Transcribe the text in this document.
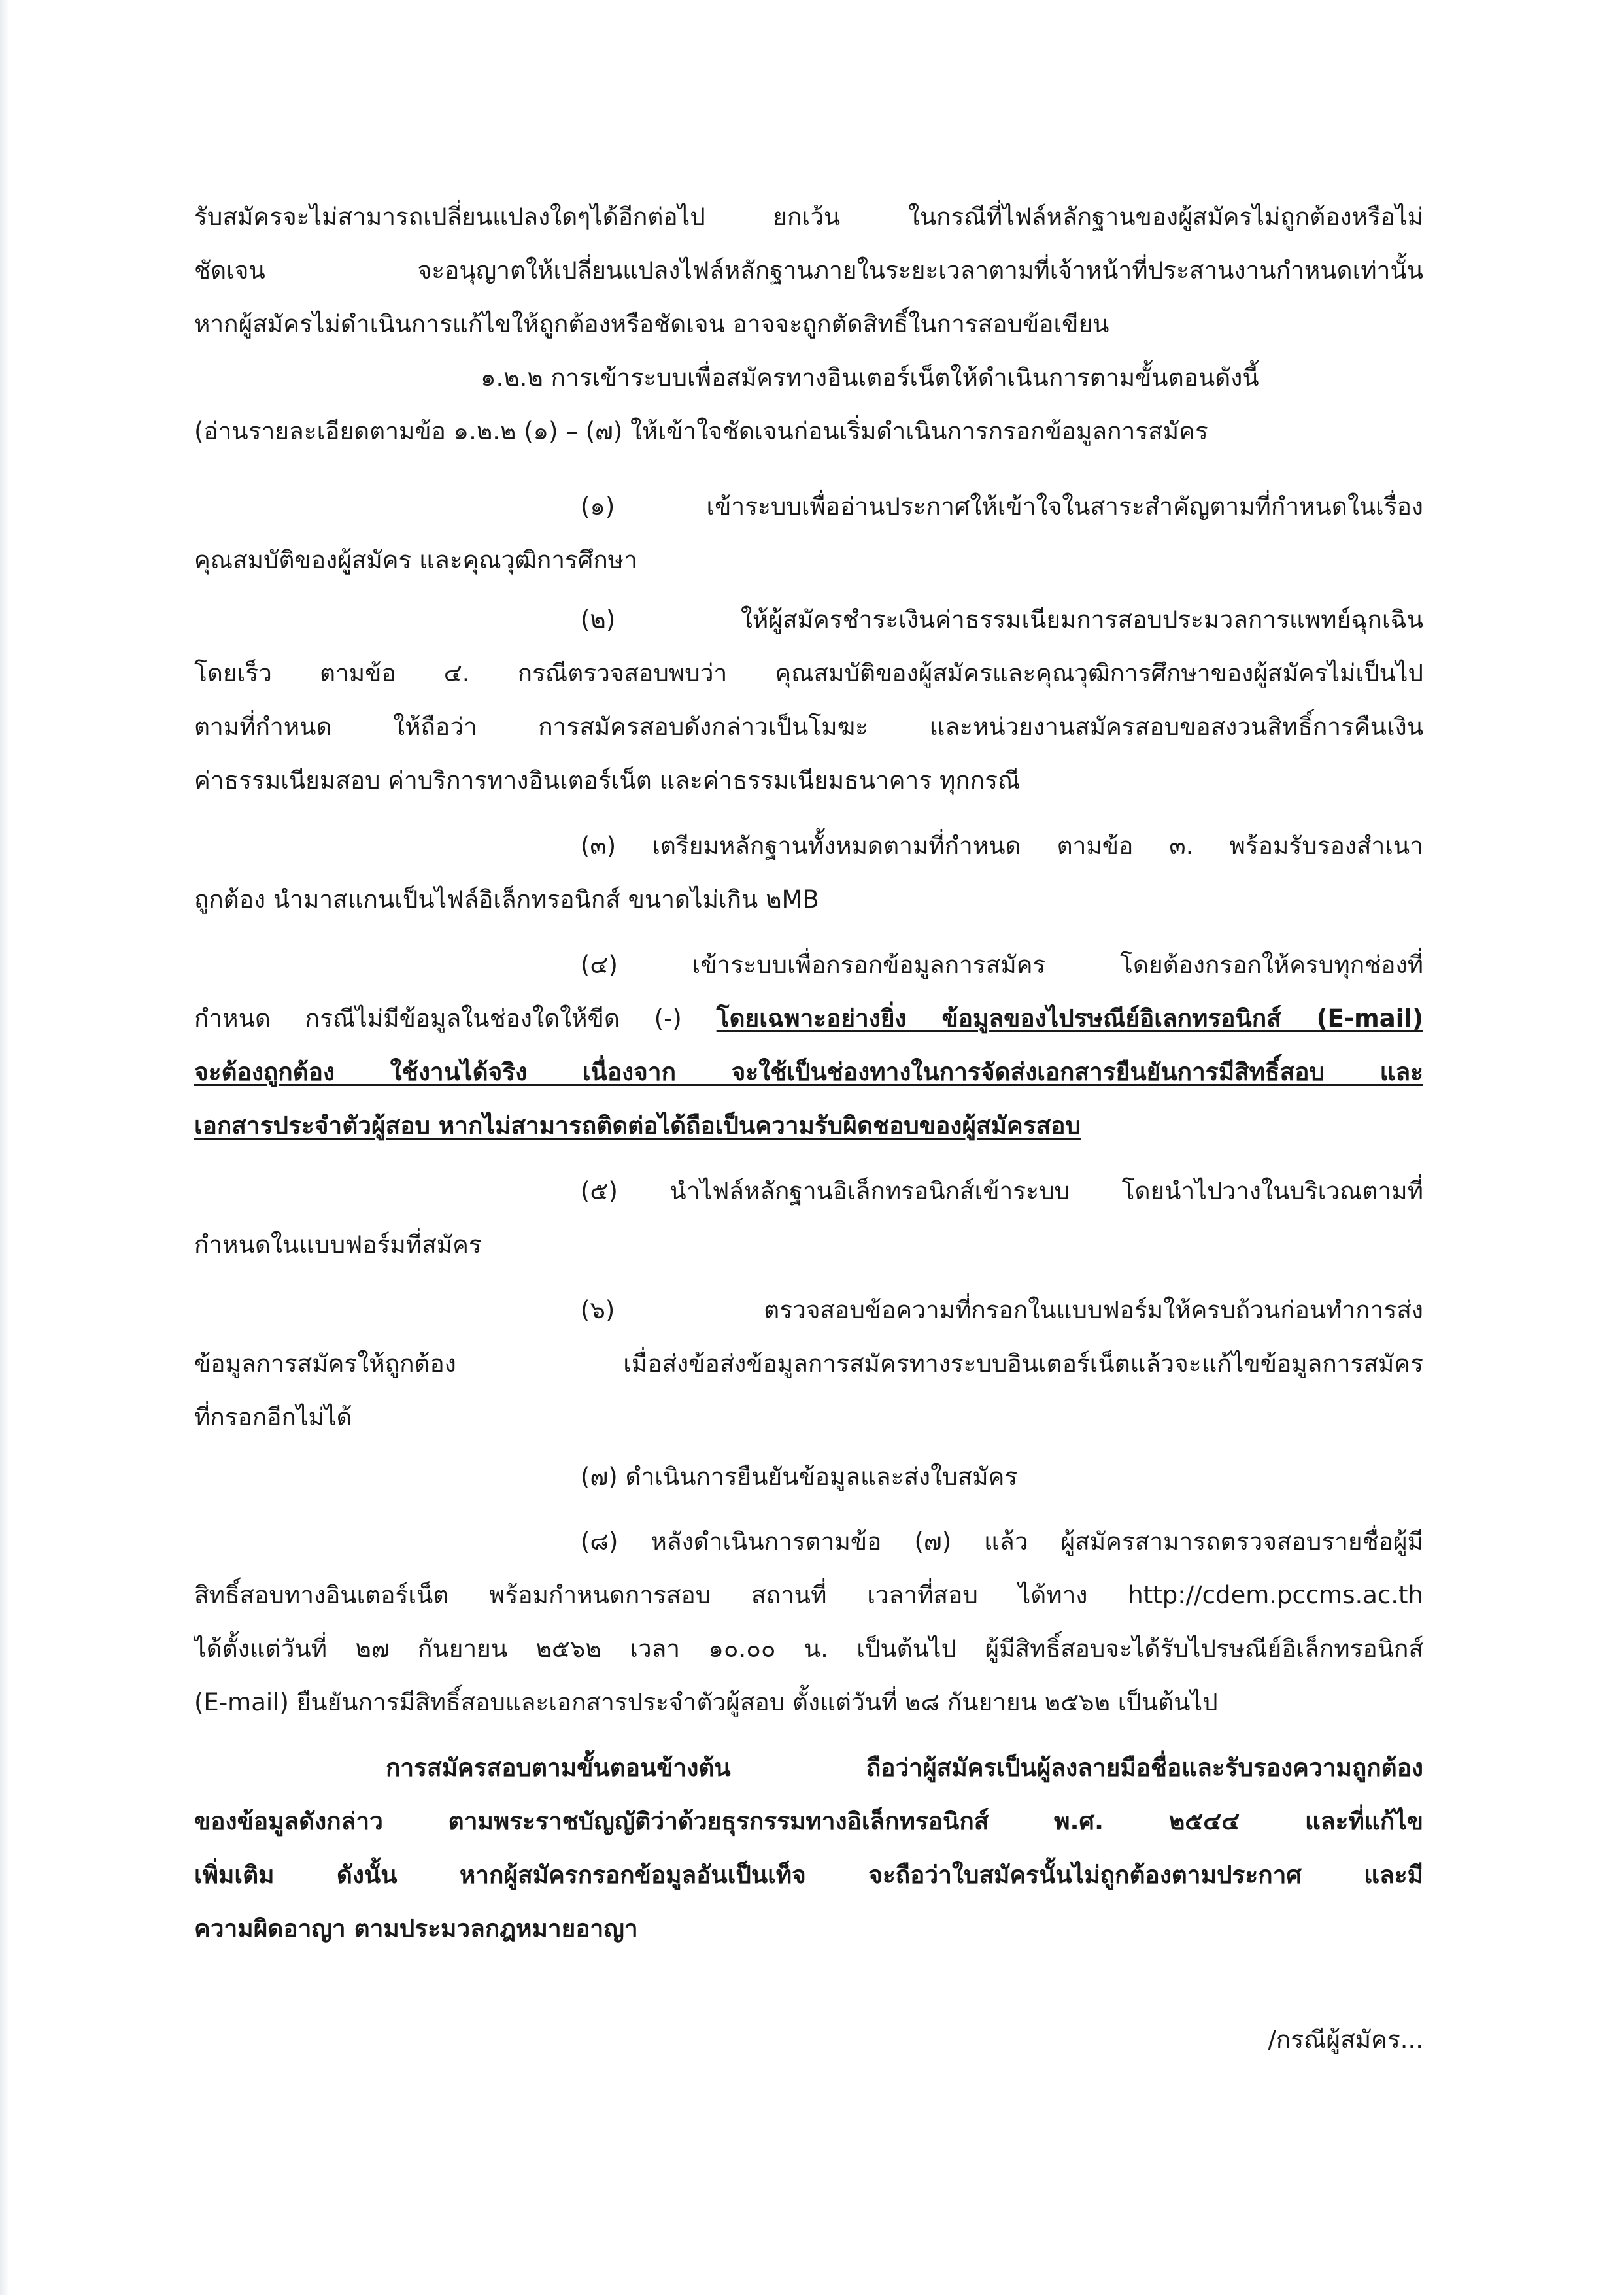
รับสมัครจะไม่สามารถเปลี่ยนแปลงใดๆได้อีกต่อไป ยกเว้น ในกรณีที่ไฟล์หลักฐานของผู้สมัครไม่ถูกต้องหรือไม่
ชัดเจน จะอนุญาตให้เปลี่ยนแปลงไฟล์หลักฐานภายในระยะเวลาตามที่เจ้าหน้าที่ประสานงานกำหนดเท่านั้น
หากผู้สมัครไม่ดำเนินการแก้ไขให้ถูกต้องหรือชัดเจน อาจจะถูกตัดสิทธิ์ในการสอบข้อเขียน
๑.๒.๒ การเข้าระบบเพื่อสมัครทางอินเตอร์เน็ตให้ดำเนินการตามขั้นตอนดังนี้
(อ่านรายละเอียดตามข้อ ๑.๒.๒ (๑) – (๗) ให้เข้าใจชัดเจนก่อนเริ่มดำเนินการกรอกข้อมูลการสมัคร
(๑) เข้าระบบเพื่ออ่านประกาศให้เข้าใจในสาระสำคัญตามที่กำหนดในเรื่อง
คุณสมบัติของผู้สมัคร และคุณวุฒิการศึกษา
(๒) ให้ผู้สมัครชำระเงินค่าธรรมเนียมการสอบประมวลการแพทย์ฉุกเฉิน
โดยเร็ว ตามข้อ ๔. กรณีตรวจสอบพบว่า คุณสมบัติของผู้สมัครและคุณวุฒิการศึกษาของผู้สมัครไม่เป็นไป
ตามที่กำหนด ให้ถือว่า การสมัครสอบดังกล่าวเป็นโมฆะ และหน่วยงานสมัครสอบขอสงวนสิทธิ์การคืนเงิน
ค่าธรรมเนียมสอบ ค่าบริการทางอินเตอร์เน็ต และค่าธรรมเนียมธนาคาร ทุกกรณี
(๓) เตรียมหลักฐานทั้งหมดตามที่กำหนด ตามข้อ ๓. พร้อมรับรองสำเนา
ถูกต้อง นำมาสแกนเป็นไฟล์อิเล็กทรอนิกส์ ขนาดไม่เกิน ๒MB
(๔) เข้าระบบเพื่อกรอกข้อมูลการสมัคร โดยต้องกรอกให้ครบทุกช่องที่
กำหนด กรณีไม่มีข้อมูลในช่องใดให้ขีด (-) โดยเฉพาะอย่างยิ่ง ข้อมูลของไปรษณีย์อิเลกทรอนิกส์ (E-mail)
จะต้องถูกต้อง ใช้งานได้จริง เนื่องจาก จะใช้เป็นช่องทางในการจัดส่งเอกสารยืนยันการมีสิทธิ์สอบ และ
เอกสารประจำตัวผู้สอบ หากไม่สามารถติดต่อได้ถือเป็นความรับผิดชอบของผู้สมัครสอบ
(๕) นำไฟล์หลักฐานอิเล็กทรอนิกส์เข้าระบบ โดยนำไปวางในบริเวณตามที่
กำหนดในแบบฟอร์มที่สมัคร
(๖) ตรวจสอบข้อความที่กรอกในแบบฟอร์มให้ครบถ้วนก่อนทำการส่ง
ข้อมูลการสมัครให้ถูกต้อง เมื่อส่งข้อส่งข้อมูลการสมัครทางระบบอินเตอร์เน็ตแล้วจะแก้ไขข้อมูลการสมัคร
ที่กรอกอีกไม่ได้
(๗) ดำเนินการยืนยันข้อมูลและส่งใบสมัคร
(๘) หลังดำเนินการตามข้อ (๗) แล้ว ผู้สมัครสามารถตรวจสอบรายชื่อผู้มี
สิทธิ์สอบทางอินเตอร์เน็ต พร้อมกำหนดการสอบ สถานที่ เวลาที่สอบ ได้ทาง http://cdem.pccms.ac.th
ได้ตั้งแต่วันที่ ๒๗ กันยายน ๒๕๖๒ เวลา ๑๐.๐๐ น. เป็นต้นไป ผู้มีสิทธิ์สอบจะได้รับไปรษณีย์อิเล็กทรอนิกส์
(E-mail) ยืนยันการมีสิทธิ์สอบและเอกสารประจำตัวผู้สอบ ตั้งแต่วันที่ ๒๘ กันยายน ๒๕๖๒ เป็นต้นไป
การสมัครสอบตามขั้นตอนข้างต้น ถือว่าผู้สมัครเป็นผู้ลงลายมือชื่อและรับรองความถูกต้อง
ของข้อมูลดังกล่าว ตามพระราชบัญญัติว่าด้วยธุรกรรมทางอิเล็กทรอนิกส์ พ.ศ. ๒๕๔๔ และที่แก้ไข
เพิ่มเติม ดังนั้น หากผู้สมัครกรอกข้อมูลอันเป็นเท็จ จะถือว่าใบสมัครนั้นไม่ถูกต้องตามประกาศ และมี
ความผิดอาญา ตามประมวลกฎหมายอาญา
/กรณีผู้สมัคร...
